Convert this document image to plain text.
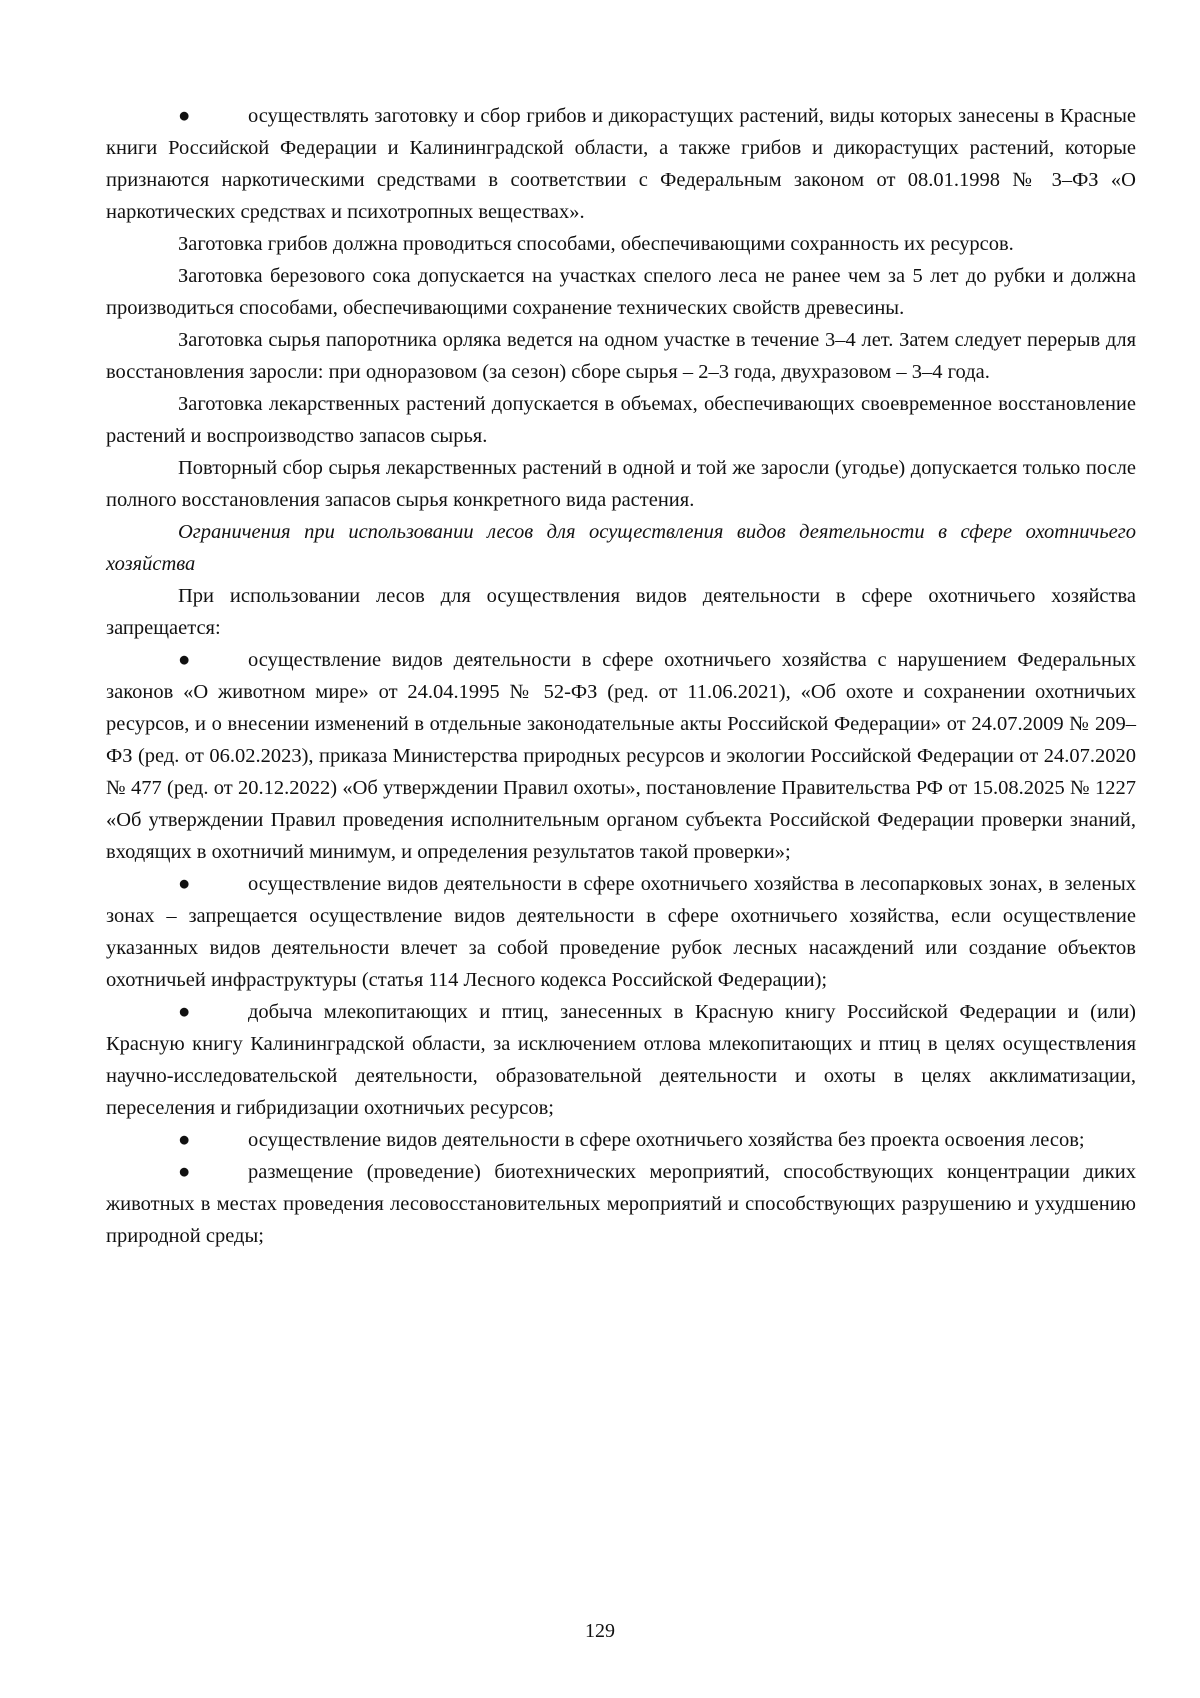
●	осуществлять заготовку и сбор грибов и дикорастущих растений, виды которых занесены в Красные книги Российской Федерации и Калининградской области, а также грибов и дикорастущих растений, которые признаются наркотическими средствами в соответствии с Федеральным законом от 08.01.1998 № 3–ФЗ «О наркотических средствах и психотропных веществах».

Заготовка грибов должна проводиться способами, обеспечивающими сохранность их ресурсов.

Заготовка березового сока допускается на участках спелого леса не ранее чем за 5 лет до рубки и должна производиться способами, обеспечивающими сохранение технических свойств древесины.

Заготовка сырья папоротника орляка ведется на одном участке в течение 3–4 лет. Затем следует перерыв для восстановления заросли: при одноразовом (за сезон) сборе сырья – 2–3 года, двухразовом – 3–4 года.

Заготовка лекарственных растений допускается в объемах, обеспечивающих своевременное восстановление растений и воспроизводство запасов сырья.

Повторный сбор сырья лекарственных растений в одной и той же заросли (угодье) допускается только после полного восстановления запасов сырья конкретного вида растения.

Ограничения при использовании лесов для осуществления видов деятельности в сфере охотничьего хозяйства

При использовании лесов для осуществления видов деятельности в сфере охотничьего хозяйства запрещается:

●	осуществление видов деятельности в сфере охотничьего хозяйства с нарушением Федеральных законов «О животном мире» от 24.04.1995 № 52-ФЗ (ред. от 11.06.2021), «Об охоте и сохранении охотничьих ресурсов, и о внесении изменений в отдельные законодательные акты Российской Федерации» от 24.07.2009 № 209–ФЗ (ред. от 06.02.2023), приказа Министерства природных ресурсов и экологии Российской Федерации от 24.07.2020 № 477 (ред. от 20.12.2022) «Об утверждении Правил охоты», постановление Правительства РФ от 15.08.2025 № 1227 «Об утверждении Правил проведения исполнительным органом субъекта Российской Федерации проверки знаний, входящих в охотничий минимум, и определения результатов такой проверки»;

●	осуществление видов деятельности в сфере охотничьего хозяйства в лесопарковых зонах, в зеленых зонах – запрещается осуществление видов деятельности в сфере охотничьего хозяйства, если осуществление указанных видов деятельности влечет за собой проведение рубок лесных насаждений или создание объектов охотничьей инфраструктуры (статья 114 Лесного кодекса Российской Федерации);

●	добыча млекопитающих и птиц, занесенных в Красную книгу Российской Федерации и (или) Красную книгу Калининградской области, за исключением отлова млекопитающих и птиц в целях осуществления научно-исследовательской деятельности, образовательной деятельности и охоты в целях акклиматизации, переселения и гибридизации охотничьих ресурсов;

●	осуществление видов деятельности в сфере охотничьего хозяйства без проекта освоения лесов;

●	размещение (проведение) биотехнических мероприятий, способствующих концентрации диких животных в местах проведения лесовосстановительных мероприятий и способствующих разрушению и ухудшению природной среды;

129
